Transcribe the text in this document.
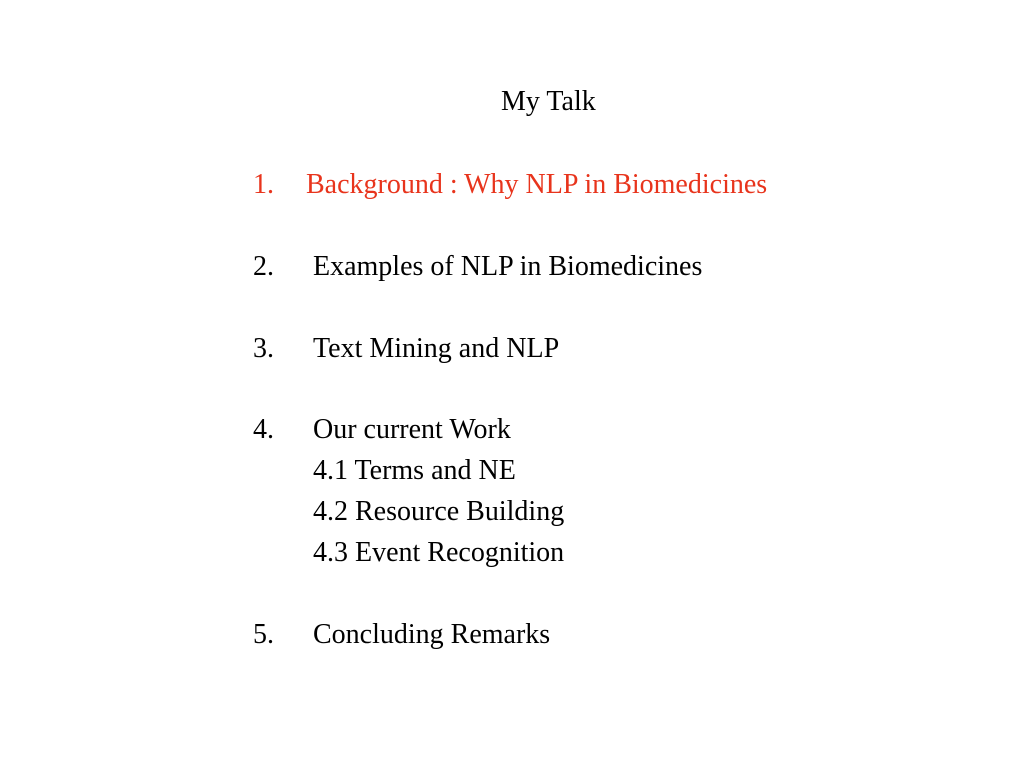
My Talk
1. Background : Why NLP in Biomedicines
2. Examples of NLP in Biomedicines
3. Text Mining and NLP
4. Our current Work
4.1 Terms and NE
4.2 Resource Building
4.3 Event Recognition
5. Concluding Remarks
